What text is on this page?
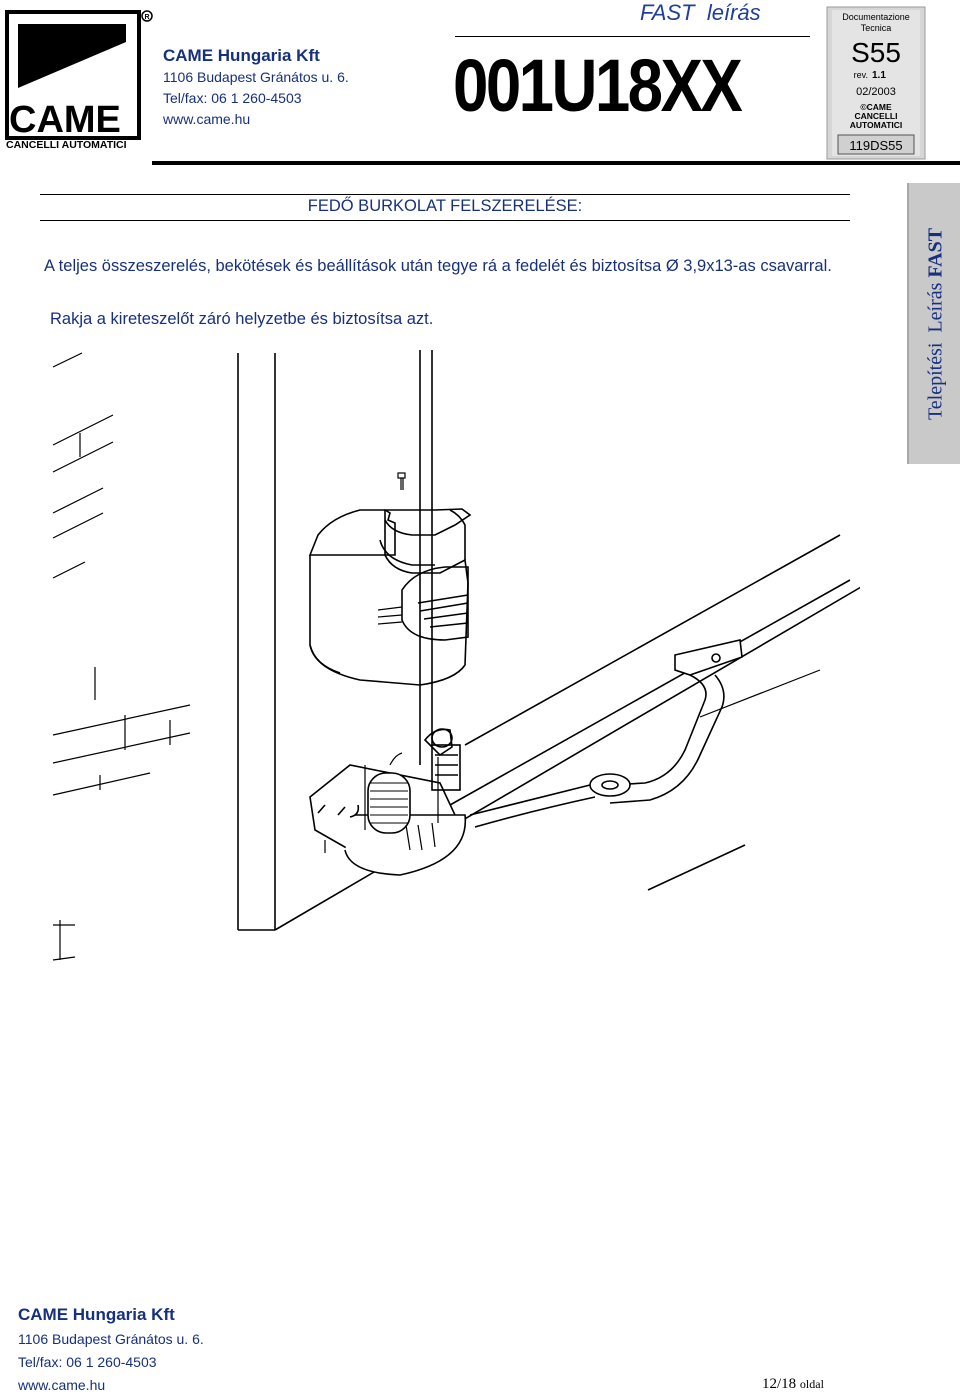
R
CAME
CANCELLI AUTOMATICI
CAME Hungaria Kft
1106 Budapest Gránátos u. 6.
Tel/fax: 06 1 260-4503
www.came.hu
FAST  leírás
001U18XX
Documentazione
Tecnica
S55
rev. 1.1
02/2003
©CAME
CANCELLI
AUTOMATICI
119DS55
FEDŐ BURKOLAT FELSZERELÉSE:
A teljes összeszerelés, bekötések és beállítások után tegye rá a fedelét és biztosítsa Ø 3,9x13-as csavarral.
Rakja a kireteszelőt záró helyzetbe és biztosítsa azt.	Telepítési  Leírás FAST
CAME Hungaria Kft
1106 Budapest Gránátos u. 6.
Tel/fax: 06 1 260-4503
www.came.hu	12/18 oldal
